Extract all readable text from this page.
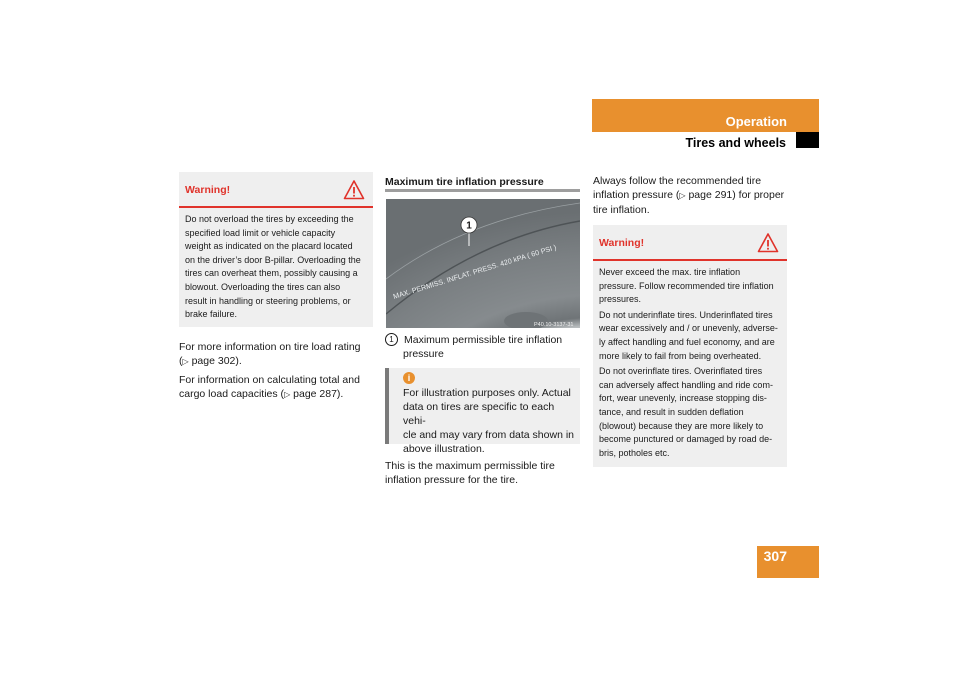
Operation
Tires and wheels
Warning!
Do not overload the tires by exceeding the
specified load limit or vehicle capacity
weight as indicated on the placard located
on the driver’s door B-pillar. Overloading the
tires can overheat them, possibly causing a
blowout. Overloading the tires can also
result in handling or steering problems, or
brake failure.

For more information on tire load rating
(▷ page 302).

For information on calculating total and
cargo load capacities (▷ page 287).

Maximum tire inflation pressure
MAX. PERMISS. INFLAT. PRESS. 420 kPA ( 60 PSI )
1
P40.10-3137-31
1 Maximum permissible tire inflation
pressure
i
For illustration purposes only. Actual
data on tires are specific to each vehi-
cle and may vary from data shown in
above illustration.
This is the maximum permissible tire
inflation pressure for the tire.
Always follow the recommended tire
inflation pressure (▷ page 291) for proper
tire inflation.
Warning!

Never exceed the max. tire inflation
pressure. Follow recommended tire inflation
pressures.

Do not underinflate tires. Underinflated tires
wear excessively and / or unevenly, adverse-
ly affect handling and fuel economy, and are
more likely to fail from being overheated.

Do not overinflate tires. Overinflated tires
can adversely affect handling and ride com-
fort, wear unevenly, increase stopping dis-
tance, and result in sudden deflation
(blowout) because they are more likely to
become punctured or damaged by road de-
bris, potholes etc.

307
